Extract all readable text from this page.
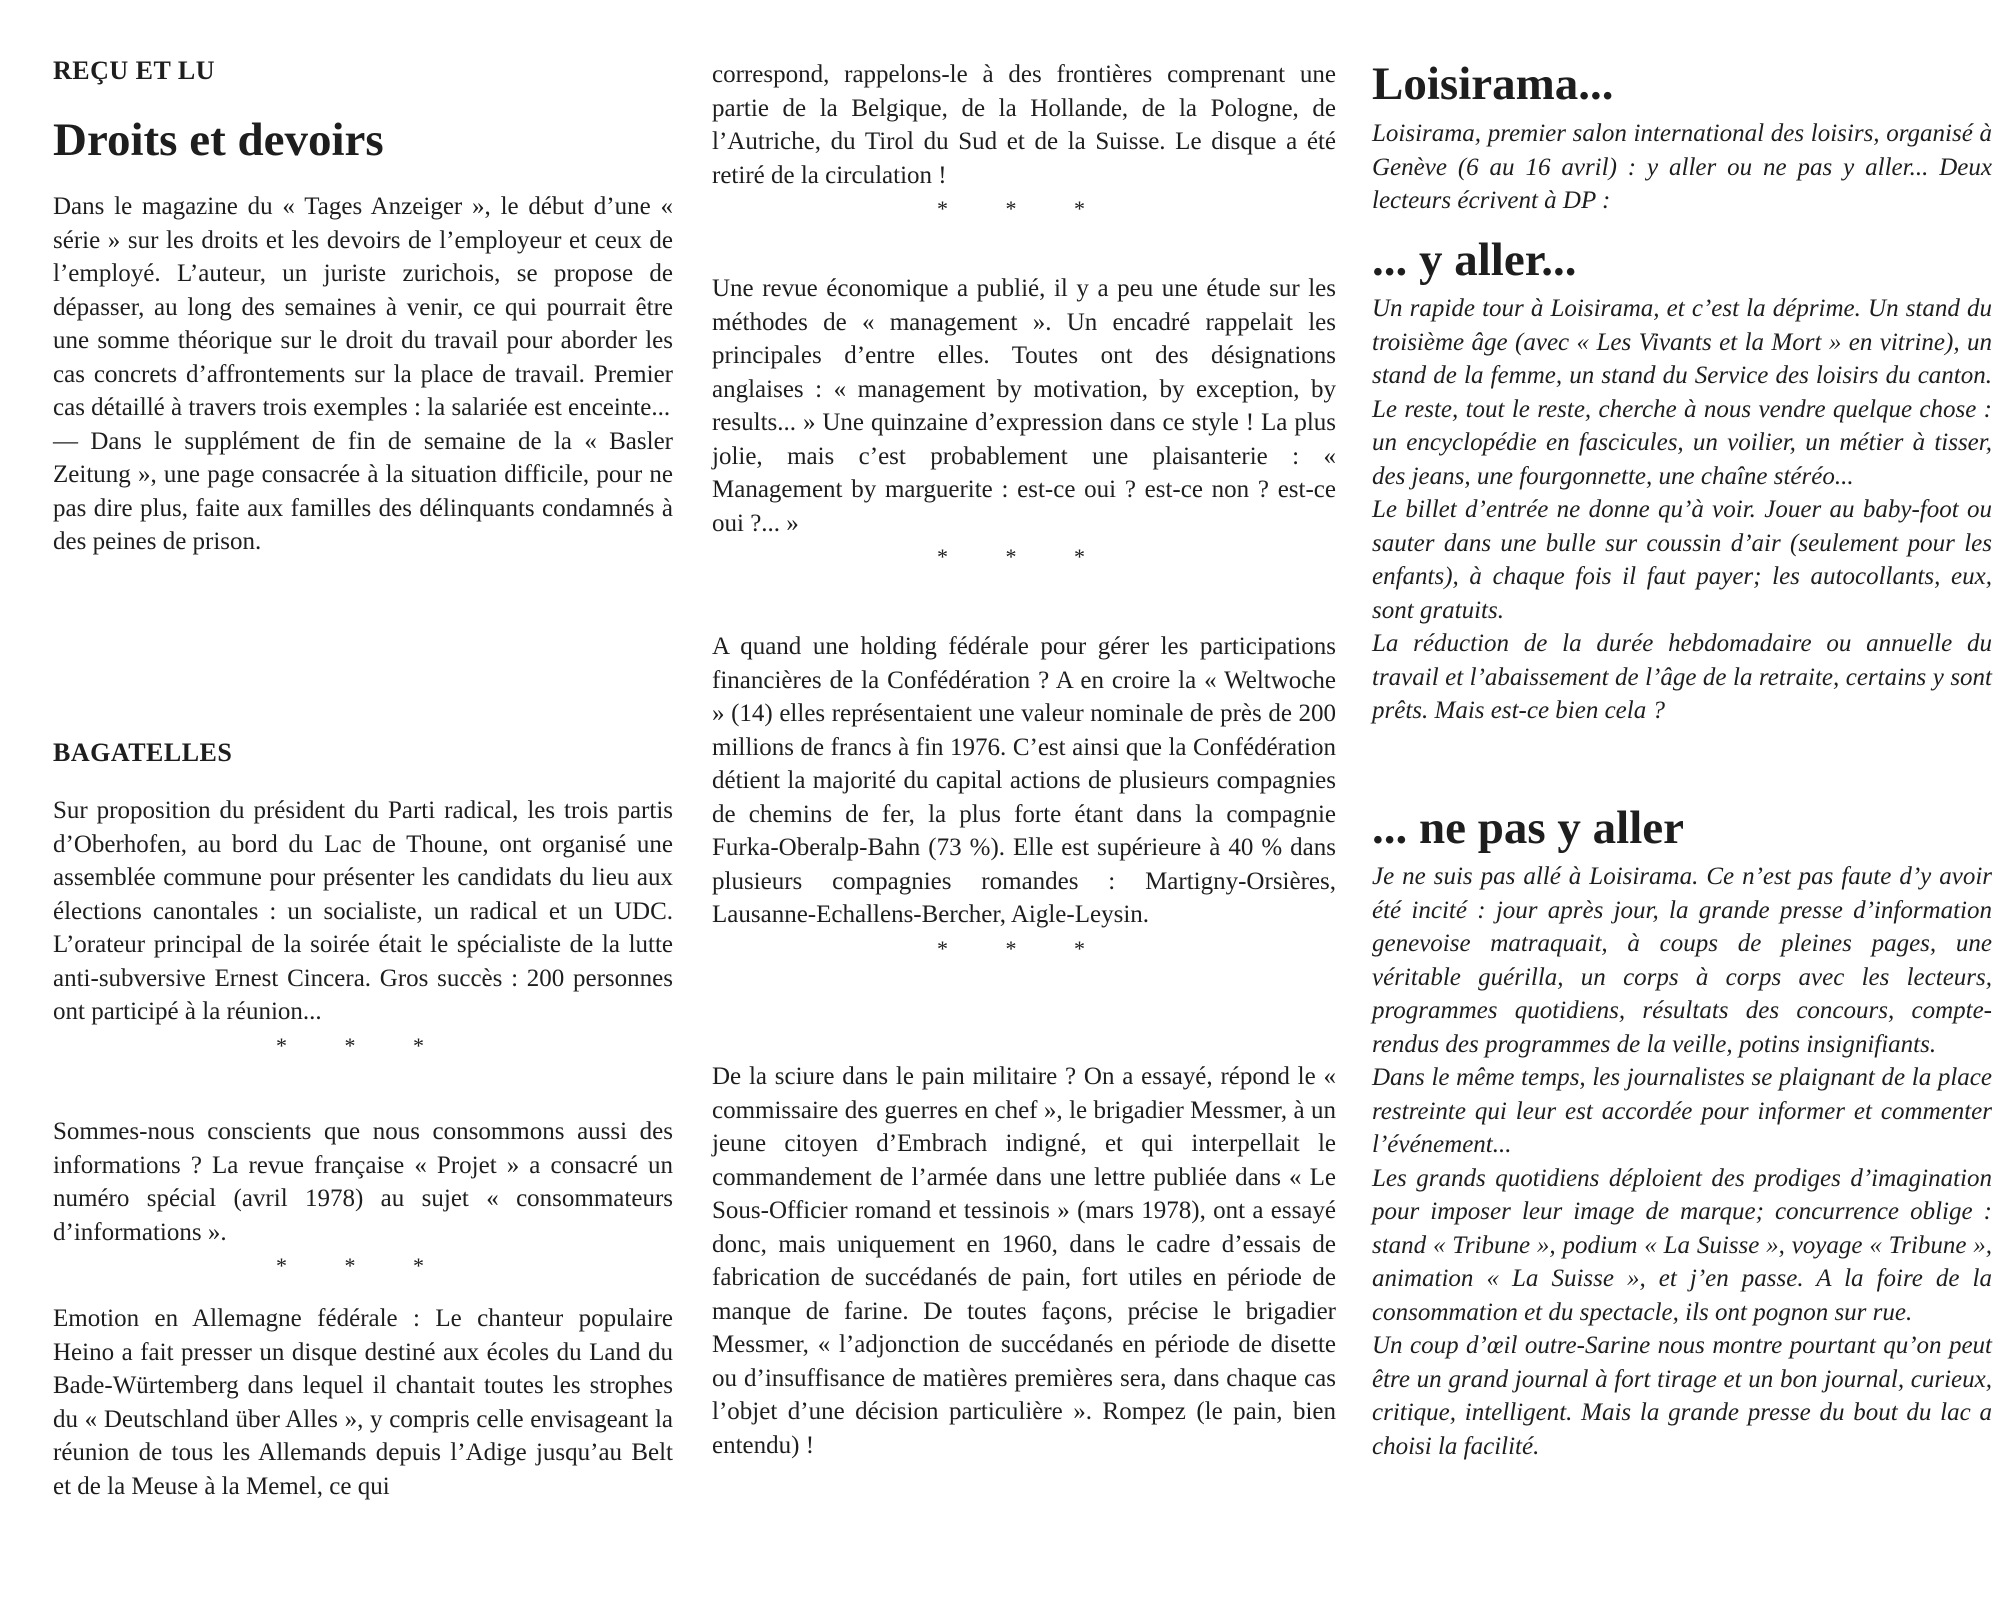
REÇU ET LU

Droits et devoirs

Dans le magazine du « Tages Anzeiger », le début d’une « série » sur les droits et les devoirs de l’employeur et ceux de l’employé. L’auteur, un juriste zurichois, se propose de dépasser, au long des semaines à venir, ce qui pourrait être une somme théorique sur le droit du travail pour aborder les cas concrets d’affrontements sur la place de travail. Premier cas détaillé à travers trois exemples : la salariée est enceinte...

— Dans le supplément de fin de semaine de la « Basler Zeitung », une page consacrée à la situation difficile, pour ne pas dire plus, faite aux familles des délinquants condamnés à des peines de prison.

BAGATELLES

Sur proposition du président du Parti radical, les trois partis d’Oberhofen, au bord du Lac de Thoune, ont organisé une assemblée commune pour présenter les candidats du lieu aux élections canontales : un socialiste, un radical et un UDC. L’orateur principal de la soirée était le spécialiste de la lutte anti-subversive Ernest Cincera. Gros succès : 200 personnes ont participé à la réunion...

* * *

Sommes-nous conscients que nous consommons aussi des informations ? La revue française « Projet » a consacré un numéro spécial (avril 1978) au sujet « consommateurs d’informations ».

* * *

Emotion en Allemagne fédérale : Le chanteur populaire Heino a fait presser un disque destiné aux écoles du Land du Bade-Würtemberg dans lequel il chantait toutes les strophes du « Deutschland über Alles », y compris celle envisageant la réunion de tous les Allemands depuis l’Adige jusqu’au Belt et de la Meuse à la Memel, ce qui

correspond, rappelons-le à des frontières comprenant une partie de la Belgique, de la Hollande, de la Pologne, de l’Autriche, du Tirol du Sud et de la Suisse. Le disque a été retiré de la circulation !

* * *

Une revue économique a publié, il y a peu une étude sur les méthodes de « management ». Un encadré rappelait les principales d’entre elles. Toutes ont des désignations anglaises : « management by motivation, by exception, by results... » Une quinzaine d’expression dans ce style ! La plus jolie, mais c’est probablement une plaisanterie : « Management by marguerite : est-ce oui ? est-ce non ? est-ce oui ?... »

* * *

A quand une holding fédérale pour gérer les participations financières de la Confédération ? A en croire la « Weltwoche » (14) elles représentaient une valeur nominale de près de 200 millions de francs à fin 1976. C’est ainsi que la Confédération détient la majorité du capital actions de plusieurs compagnies de chemins de fer, la plus forte étant dans la compagnie Furka-Oberalp-Bahn (73 %). Elle est supérieure à 40 % dans plusieurs compagnies romandes : Martigny-Orsières, Lausanne-Echallens-Bercher, Aigle-Leysin.

* * *

De la sciure dans le pain militaire ? On a essayé, répond le « commissaire des guerres en chef », le brigadier Messmer, à un jeune citoyen d’Embrach indigné, et qui interpellait le commandement de l’armée dans une lettre publiée dans « Le Sous-Officier romand et tessinois » (mars 1978), ont a essayé donc, mais uniquement en 1960, dans le cadre d’essais de fabrication de succédanés de pain, fort utiles en période de manque de farine. De toutes façons, précise le brigadier Messmer, « l’adjonction de succédanés en période de disette ou d’insuffisance de matières premières sera, dans chaque cas l’objet d’une décision particulière ». Rompez (le pain, bien entendu) !

Loisirama...

Loisirama, premier salon international des loisirs, organisé à Genève (6 au 16 avril) : y aller ou ne pas y aller... Deux lecteurs écrivent à DP :

... y aller...

Un rapide tour à Loisirama, et c’est la déprime. Un stand du troisième âge (avec « Les Vivants et la Mort » en vitrine), un stand de la femme, un stand du Service des loisirs du canton. Le reste, tout le reste, cherche à nous vendre quelque chose : un encyclopédie en fascicules, un voilier, un métier à tisser, des jeans, une fourgonnette, une chaîne stéréo...

Le billet d’entrée ne donne qu’à voir. Jouer au baby-foot ou sauter dans une bulle sur coussin d’air (seulement pour les enfants), à chaque fois il faut payer; les autocollants, eux, sont gratuits.

La réduction de la durée hebdomadaire ou annuelle du travail et l’abaissement de l’âge de la retraite, certains y sont prêts. Mais est-ce bien cela ?

... ne pas y aller

Je ne suis pas allé à Loisirama. Ce n’est pas faute d’y avoir été incité : jour après jour, la grande presse d’information genevoise matraquait, à coups de pleines pages, une véritable guérilla, un corps à corps avec les lecteurs, programmes quotidiens, résultats des concours, compte-rendus des programmes de la veille, potins insignifiants.

Dans le même temps, les journalistes se plaignant de la place restreinte qui leur est accordée pour informer et commenter l’événement...

Les grands quotidiens déploient des prodiges d’imagination pour imposer leur image de marque; concurrence oblige : stand « Tribune », podium « La Suisse », voyage « Tribune », animation « La Suisse », et j’en passe. A la foire de la consommation et du spectacle, ils ont pognon sur rue.

Un coup d’œil outre-Sarine nous montre pourtant qu’on peut être un grand journal à fort tirage et un bon journal, curieux, critique, intelligent. Mais la grande presse du bout du lac a choisi la facilité.
